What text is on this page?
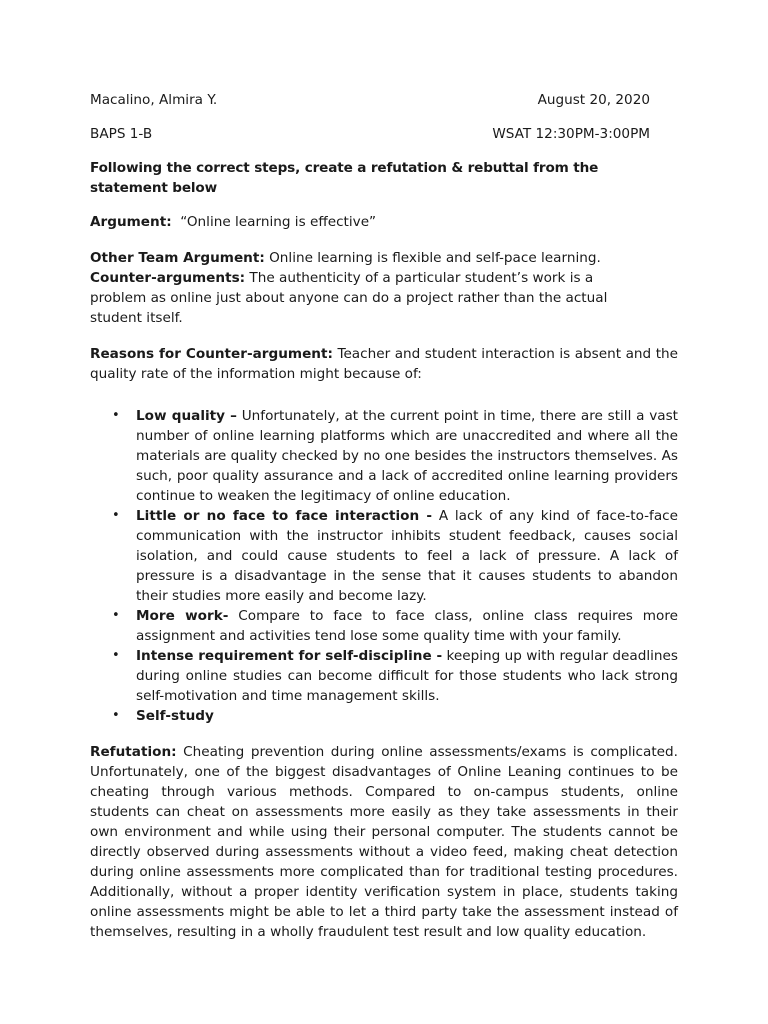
Macalino, Almira Y.	August 20, 2020
BAPS 1-B	WSAT 12:30PM-3:00PM

Following the correct steps, create a refutation & rebuttal from the statement below

Argument: “Online learning is effective”

Other Team Argument: Online learning is flexible and self-pace learning.

Counter-arguments: The authenticity of a particular student’s work is a problem as online just about anyone can do a project rather than the actual student itself.

Reasons for Counter-argument: Teacher and student interaction is absent and the quality rate of the information might because of:

• Low quality – Unfortunately, at the current point in time, there are still a vast number of online learning platforms which are unaccredited and where all the materials are quality checked by no one besides the instructors themselves. As such, poor quality assurance and a lack of accredited online learning providers continue to weaken the legitimacy of online education.
• Little or no face to face interaction - A lack of any kind of face-to-face communication with the instructor inhibits student feedback, causes social isolation, and could cause students to feel a lack of pressure. A lack of pressure is a disadvantage in the sense that it causes students to abandon their studies more easily and become lazy.
• More work- Compare to face to face class, online class requires more assignment and activities tend lose some quality time with your family.
• Intense requirement for self-discipline - keeping up with regular deadlines during online studies can become difficult for those students who lack strong self-motivation and time management skills.
• Self-study

Refutation: Cheating prevention during online assessments/exams is complicated. Unfortunately, one of the biggest disadvantages of Online Leaning continues to be cheating through various methods. Compared to on-campus students, online students can cheat on assessments more easily as they take assessments in their own environment and while using their personal computer. The students cannot be directly observed during assessments without a video feed, making cheat detection during online assessments more complicated than for traditional testing procedures. Additionally, without a proper identity verification system in place, students taking online assessments might be able to let a third party take the assessment instead of themselves, resulting in a wholly fraudulent test result and low quality education.
